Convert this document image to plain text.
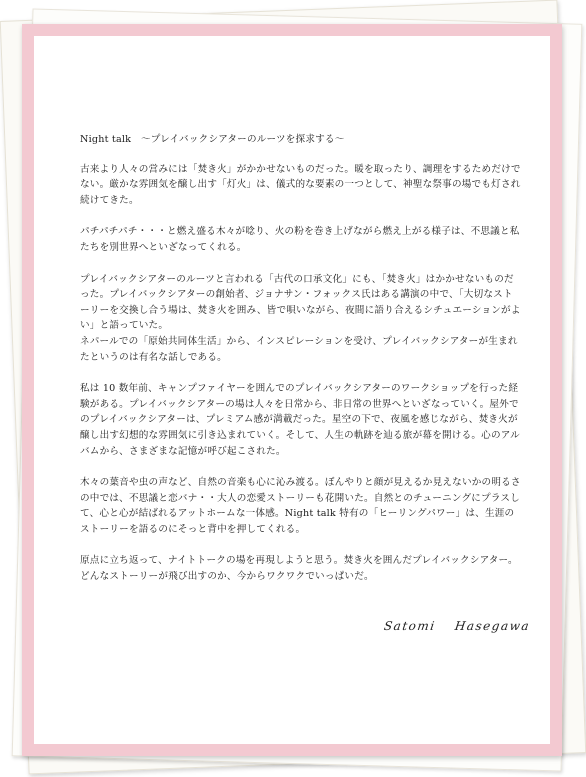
Night talk　～プレイバックシアターのルーツを探求する～

古来より人々の営みには「焚き火」がかかせないものだった。暖を取ったり、調理をするためだけでない。厳かな雰囲気を醸し出す「灯火」は、儀式的な要素の一つとして、神聖な祭事の場でも灯され続けてきた。

パチパチパチ・・・と燃え盛る木々が唸り、火の粉を巻き上げながら燃え上がる様子は、不思議と私たちを別世界へといざなってくれる。

プレイバックシアターのルーツと言われる「古代の口承文化」にも、「焚き火」はかかせないものだった。プレイバックシアターの創始者、ジョナサン・フォックス氏はある講演の中で、「大切なストーリーを交換し合う場は、焚き火を囲み、皆で唄いながら、夜間に語り合えるシチュエーションがよい」と語っていた。
ネパールでの「原始共同体生活」から、インスピレーションを受け、プレイバックシアターが生まれたというのは有名な話しである。

私は 10 数年前、キャンプファイヤーを囲んでのプレイバックシアターのワークショップを行った経験がある。プレイバックシアターの場は人々を日常から、非日常の世界へといざなっていく。屋外でのプレイバックシアターは、プレミアム感が満載だった。星空の下で、夜風を感じながら、焚き火が醸し出す幻想的な雰囲気に引き込まれていく。そして、人生の軌跡を辿る旅が幕を開ける。心のアルバムから、さまざまな記憶が呼び起こされた。

木々の葉音や虫の声など、自然の音楽も心に沁み渡る。ぼんやりと顔が見えるか見えないかの明るさの中では、不思議と恋バナ・・大人の恋愛ストーリーも花開いた。自然とのチューニングにプラスして、心と心が結ばれるアットホームな一体感。Night talk 特有の「ヒーリングパワー」は、生涯のストーリーを語るのにそっと背中を押してくれる。

原点に立ち返って、ナイトトークの場を再現しようと思う。焚き火を囲んだプレイバックシアター。どんなストーリーが飛び出すのか、今からワクワクでいっぱいだ。

Satomi Hasegawa
